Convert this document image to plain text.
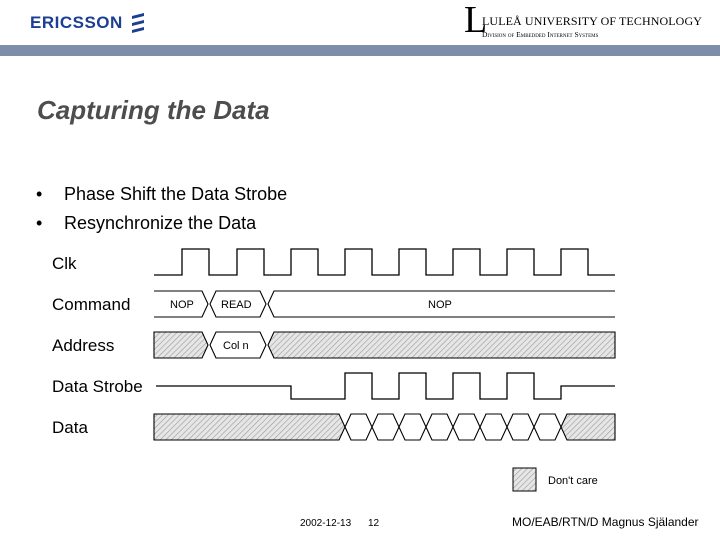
ERICSSON	L
LULEÅ UNIVERSITY OF TECHNOLOGY
Division of Embedded Internet Systems
Capturing the Data
•	Phase Shift the Data Strobe
•	Resynchronize the Data
Clk
Command
Address
Data Strobe
Data
NOP READ	NOP
Col n
Don't care
2002-12-13 12	MO/EAB/RTN/D Magnus Själander
